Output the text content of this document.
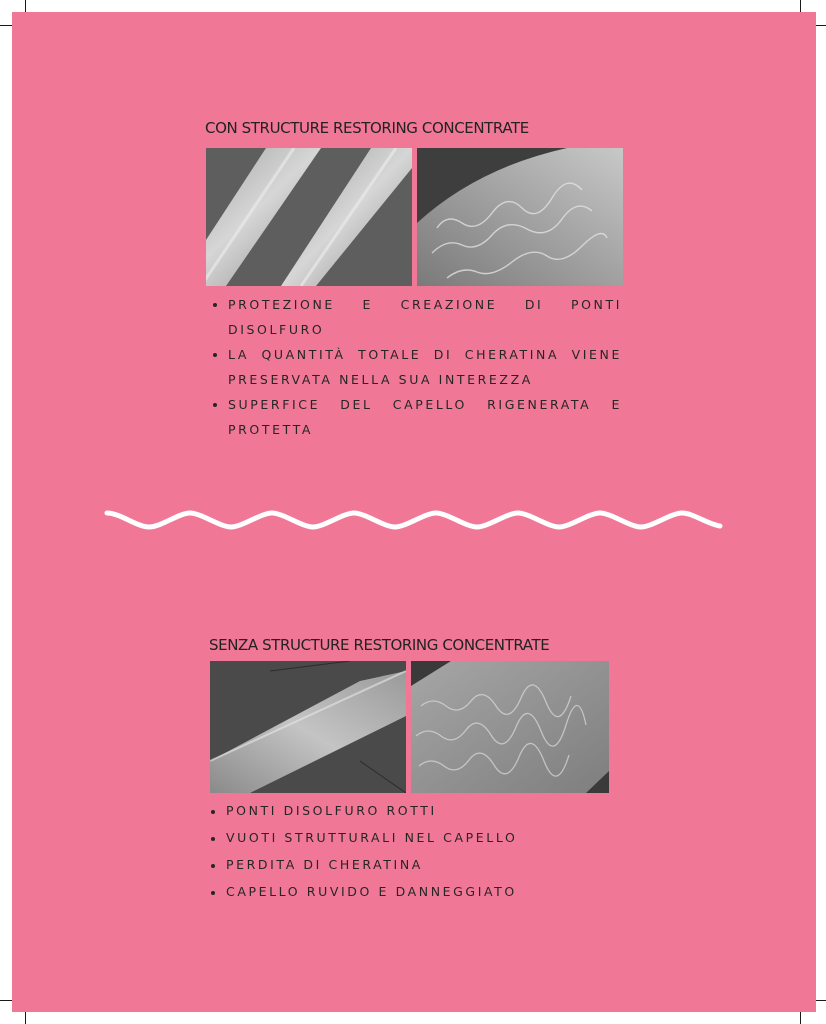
CON STRUCTURE RESTORING CONCENTRATE
PROTEZIONE E CREAZIONE DI PONTI DISOLFURO
LA QUANTITÀ TOTALE DI CHERATINA VIENE PRESERVATA NELLA SUA INTEREZZA
SUPERFICE DEL CAPELLO RIGENERATA E PROTETTA
SENZA STRUCTURE RESTORING CONCENTRATE
PONTI DISOLFURO ROTTI
VUOTI STRUTTURALI NEL CAPELLO
PERDITA DI CHERATINA
CAPELLO RUVIDO E DANNEGGIATO
